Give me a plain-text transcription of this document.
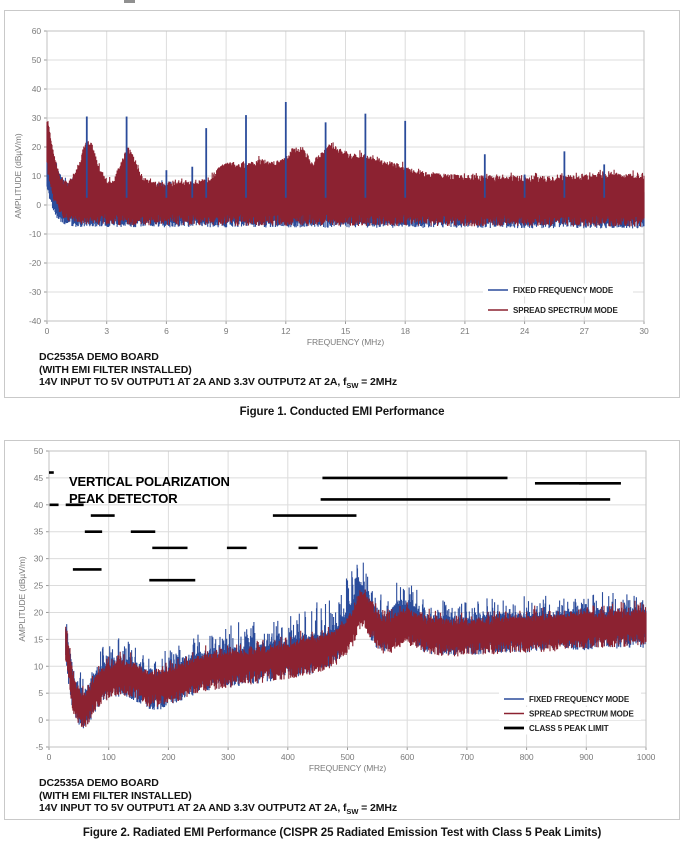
0	3	6	9	12	15	18	21	24	27	30
-40
-30
-20
-10
0
10
20
30
40
50
60
FREQUENCY (MHz)
AMPLITUDE (dBµV/m)
FIXED FREQUENCY MODE
SPREAD SPECTRUM MODE
DC2535A DEMO BOARD
(WITH EMI FILTER INSTALLED)
14V INPUT TO 5V OUTPUT1 AT 2A AND 3.3V OUTPUT2 AT 2A, $f_{SW} = 2MHz$
Figure 1. Conducted EMI Performance
0	100	200	300	400	500	600	700	800	900	1000
-5
0
5
10
15
20
25
30
35
40
45
50
FREQUENCY (MHz)
AMPLITUDE (dBµV/m)
VERTICAL POLARIZATION
PEAK DETECTOR
FIXED FREQUENCY MODE
SPREAD SPECTRUM MODE
CLASS 5 PEAK LIMIT
DC2535A DEMO BOARD
(WITH EMI FILTER INSTALLED)
14V INPUT TO 5V OUTPUT1 AT 2A AND 3.3V OUTPUT2 AT 2A, $f_{SW} = 2MHz$
Figure 2. Radiated EMI Performance (CISPR 25 Radiated Emission Test with Class 5 Peak Limits)
